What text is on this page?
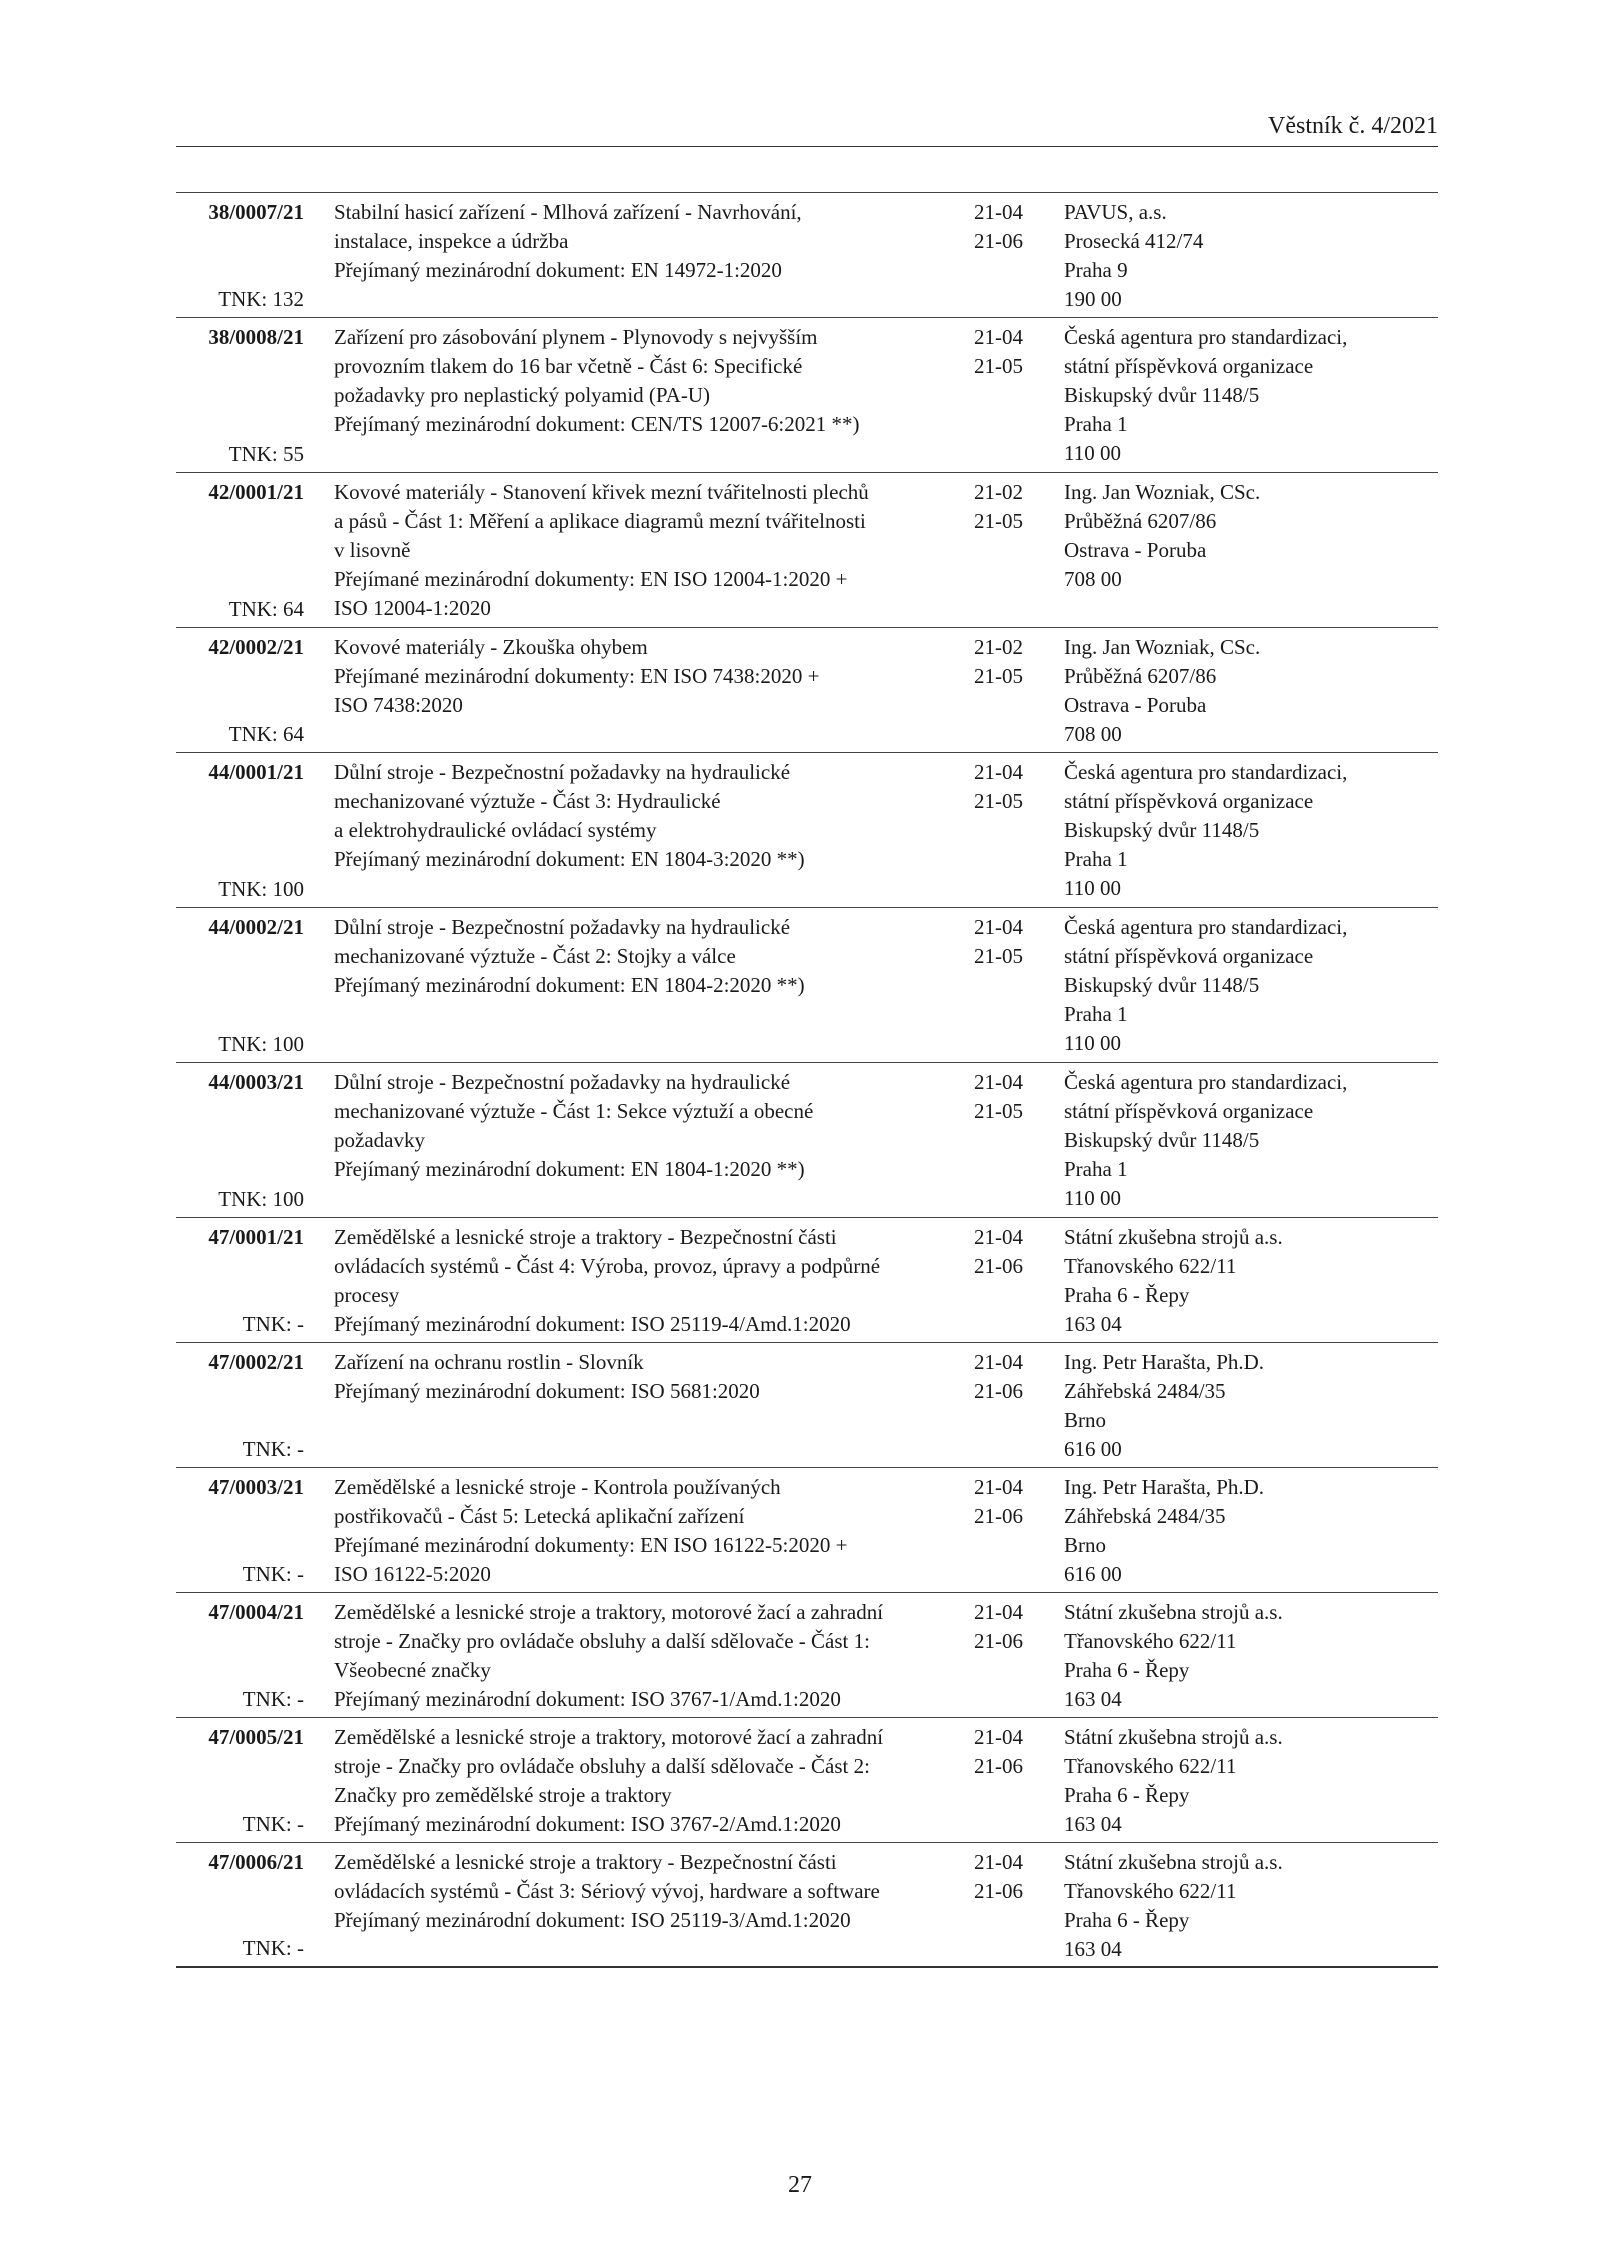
Věstník č. 4/2021
38/0007/21
TNK: 132
Stabilní hasicí zařízení - Mlhová zařízení - Navrhování,
instalace, inspekce a údržba
Přejímaný mezinárodní dokument: EN 14972-1:2020
21-04
21-06
PAVUS, a.s.
Prosecká 412/74
Praha 9
190 00
38/0008/21
TNK: 55
Zařízení pro zásobování plynem - Plynovody s nejvyšším
provozním tlakem do 16 bar včetně - Část 6: Specifické
požadavky pro neplastický polyamid (PA-U)
Přejímaný mezinárodní dokument: CEN/TS 12007-6:2021 **)
21-04
21-05
Česká agentura pro standardizaci,
státní příspěvková organizace
Biskupský dvůr 1148/5
Praha 1
110 00
42/0001/21
TNK: 64
Kovové materiály - Stanovení křivek mezní tvářitelnosti plechů
a pásů - Část 1: Měření a aplikace diagramů mezní tvářitelnosti
v lisovně
Přejímané mezinárodní dokumenty: EN ISO 12004-1:2020 +
ISO 12004-1:2020
21-02
21-05
Ing. Jan Wozniak, CSc.
Průběžná 6207/86
Ostrava - Poruba
708 00
42/0002/21
TNK: 64
Kovové materiály - Zkouška ohybem
Přejímané mezinárodní dokumenty: EN ISO 7438:2020 +
ISO 7438:2020
21-02
21-05
Ing. Jan Wozniak, CSc.
Průběžná 6207/86
Ostrava - Poruba
708 00
44/0001/21
TNK: 100
Důlní stroje - Bezpečnostní požadavky na hydraulické
mechanizované výztuže - Část 3: Hydraulické
a elektrohydraulické ovládací systémy
Přejímaný mezinárodní dokument: EN 1804-3:2020 **)
21-04
21-05
Česká agentura pro standardizaci,
státní příspěvková organizace
Biskupský dvůr 1148/5
Praha 1
110 00
44/0002/21
TNK: 100
Důlní stroje - Bezpečnostní požadavky na hydraulické
mechanizované výztuže - Část 2: Stojky a válce
Přejímaný mezinárodní dokument: EN 1804-2:2020 **)
21-04
21-05
Česká agentura pro standardizaci,
státní příspěvková organizace
Biskupský dvůr 1148/5
Praha 1
110 00
44/0003/21
TNK: 100
Důlní stroje - Bezpečnostní požadavky na hydraulické
mechanizované výztuže - Část 1: Sekce výztuží a obecné
požadavky
Přejímaný mezinárodní dokument: EN 1804-1:2020 **)
21-04
21-05
Česká agentura pro standardizaci,
státní příspěvková organizace
Biskupský dvůr 1148/5
Praha 1
110 00
47/0001/21
TNK: -
Zemědělské a lesnické stroje a traktory - Bezpečnostní části
ovládacích systémů - Část 4: Výroba, provoz, úpravy a podpůrné
procesy
Přejímaný mezinárodní dokument: ISO 25119-4/Amd.1:2020
21-04
21-06
Státní zkušebna strojů a.s.
Třanovského 622/11
Praha 6 - Řepy
163 04
47/0002/21
TNK: -
Zařízení na ochranu rostlin - Slovník
Přejímaný mezinárodní dokument: ISO 5681:2020
21-04
21-06
Ing. Petr Harašta, Ph.D.
Záhřebská 2484/35
Brno
616 00
47/0003/21
TNK: -
Zemědělské a lesnické stroje - Kontrola používaných
postřikovačů - Část 5: Letecká aplikační zařízení
Přejímané mezinárodní dokumenty: EN ISO 16122-5:2020 +
ISO 16122-5:2020
21-04
21-06
Ing. Petr Harašta, Ph.D.
Záhřebská 2484/35
Brno
616 00
47/0004/21
TNK: -
Zemědělské a lesnické stroje a traktory, motorové žací a zahradní
stroje - Značky pro ovládače obsluhy a další sdělovače - Část 1:
Všeobecné značky
Přejímaný mezinárodní dokument: ISO 3767-1/Amd.1:2020
21-04
21-06
Státní zkušebna strojů a.s.
Třanovského 622/11
Praha 6 - Řepy
163 04
47/0005/21
TNK: -
Zemědělské a lesnické stroje a traktory, motorové žací a zahradní
stroje - Značky pro ovládače obsluhy a další sdělovače - Část 2:
Značky pro zemědělské stroje a traktory
Přejímaný mezinárodní dokument: ISO 3767-2/Amd.1:2020
21-04
21-06
Státní zkušebna strojů a.s.
Třanovského 622/11
Praha 6 - Řepy
163 04
47/0006/21
TNK: -
Zemědělské a lesnické stroje a traktory - Bezpečnostní části
ovládacích systémů - Část 3: Sériový vývoj, hardware a software
Přejímaný mezinárodní dokument: ISO 25119-3/Amd.1:2020
21-04
21-06
Státní zkušebna strojů a.s.
Třanovského 622/11
Praha 6 - Řepy
163 04
27
